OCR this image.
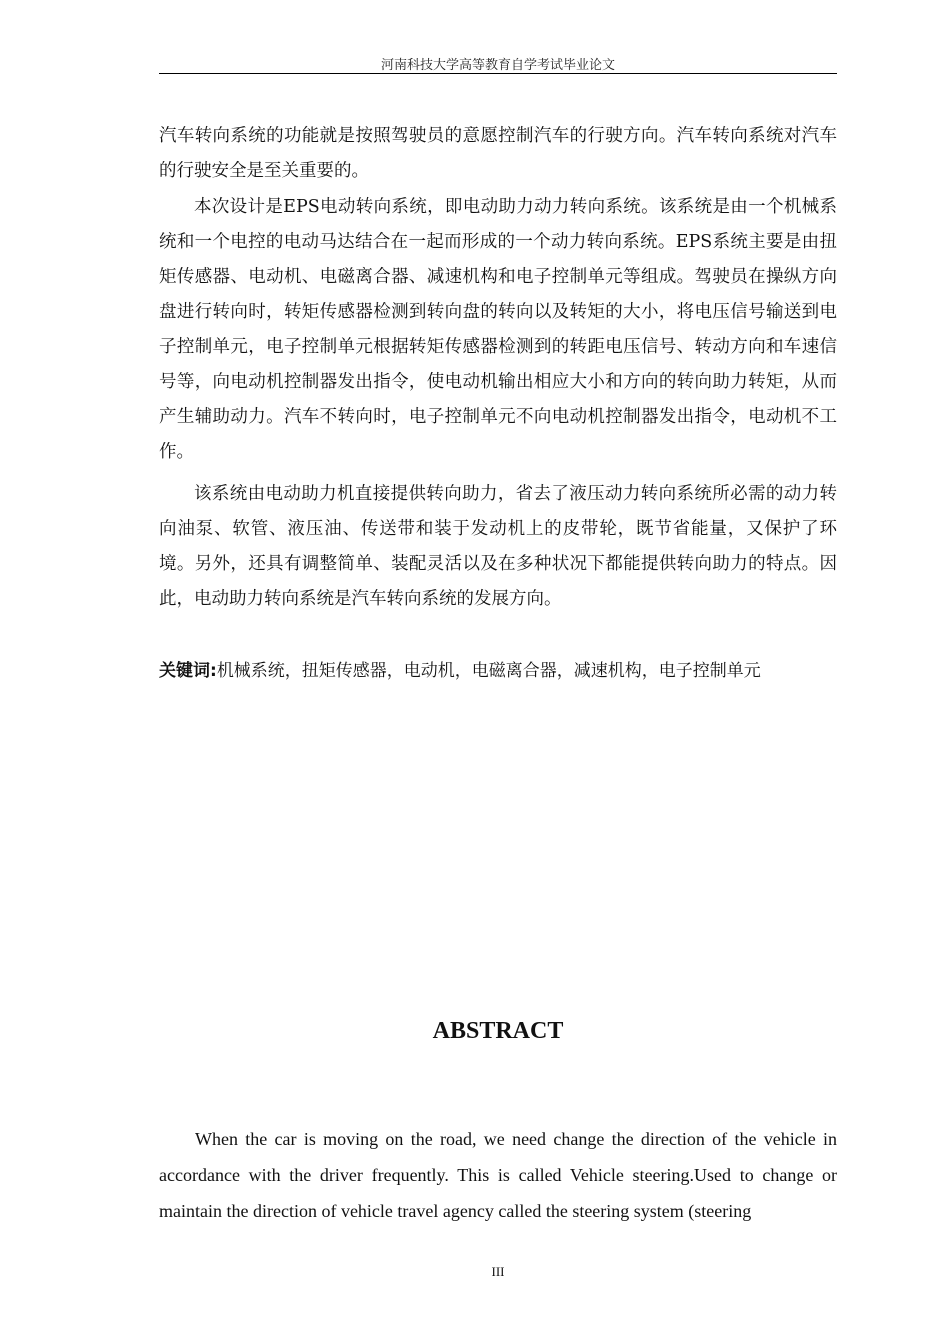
河南科技大学高等教育自学考试毕业论文

汽车转向系统的功能就是按照驾驶员的意愿控制汽车的行驶方向。汽车转向系统对汽车的行驶安全是至关重要的。

本次设计是EPS电动转向系统，即电动助力动力转向系统。该系统是由一个机械系统和一个电控的电动马达结合在一起而形成的一个动力转向系统。EPS系统主要是由扭矩传感器、电动机、电磁离合器、减速机构和电子控制单元等组成。驾驶员在操纵方向盘进行转向时，转矩传感器检测到转向盘的转向以及转矩的大小，将电压信号输送到电子控制单元，电子控制单元根据转矩传感器检测到的转距电压信号、转动方向和车速信号等，向电动机控制器发出指令，使电动机输出相应大小和方向的转向助力转矩，从而产生辅助动力。汽车不转向时，电子控制单元不向电动机控制器发出指令，电动机不工作。

该系统由电动助力机直接提供转向助力，省去了液压动力转向系统所必需的动力转向油泵、软管、液压油、传送带和装于发动机上的皮带轮，既节省能量，又保护了环境。另外，还具有调整简单、装配灵活以及在多种状况下都能提供转向助力的特点。因此，电动助力转向系统是汽车转向系统的发展方向。

关键词:机械系统，扭矩传感器，电动机，电磁离合器，减速机构，电子控制单元

ABSTRACT

When the car is moving on the road, we need change the direction of the vehicle in accordance with the driver frequently. This is called Vehicle steering.Used to change or maintain the direction of vehicle travel agency called the steering system (steering

III
